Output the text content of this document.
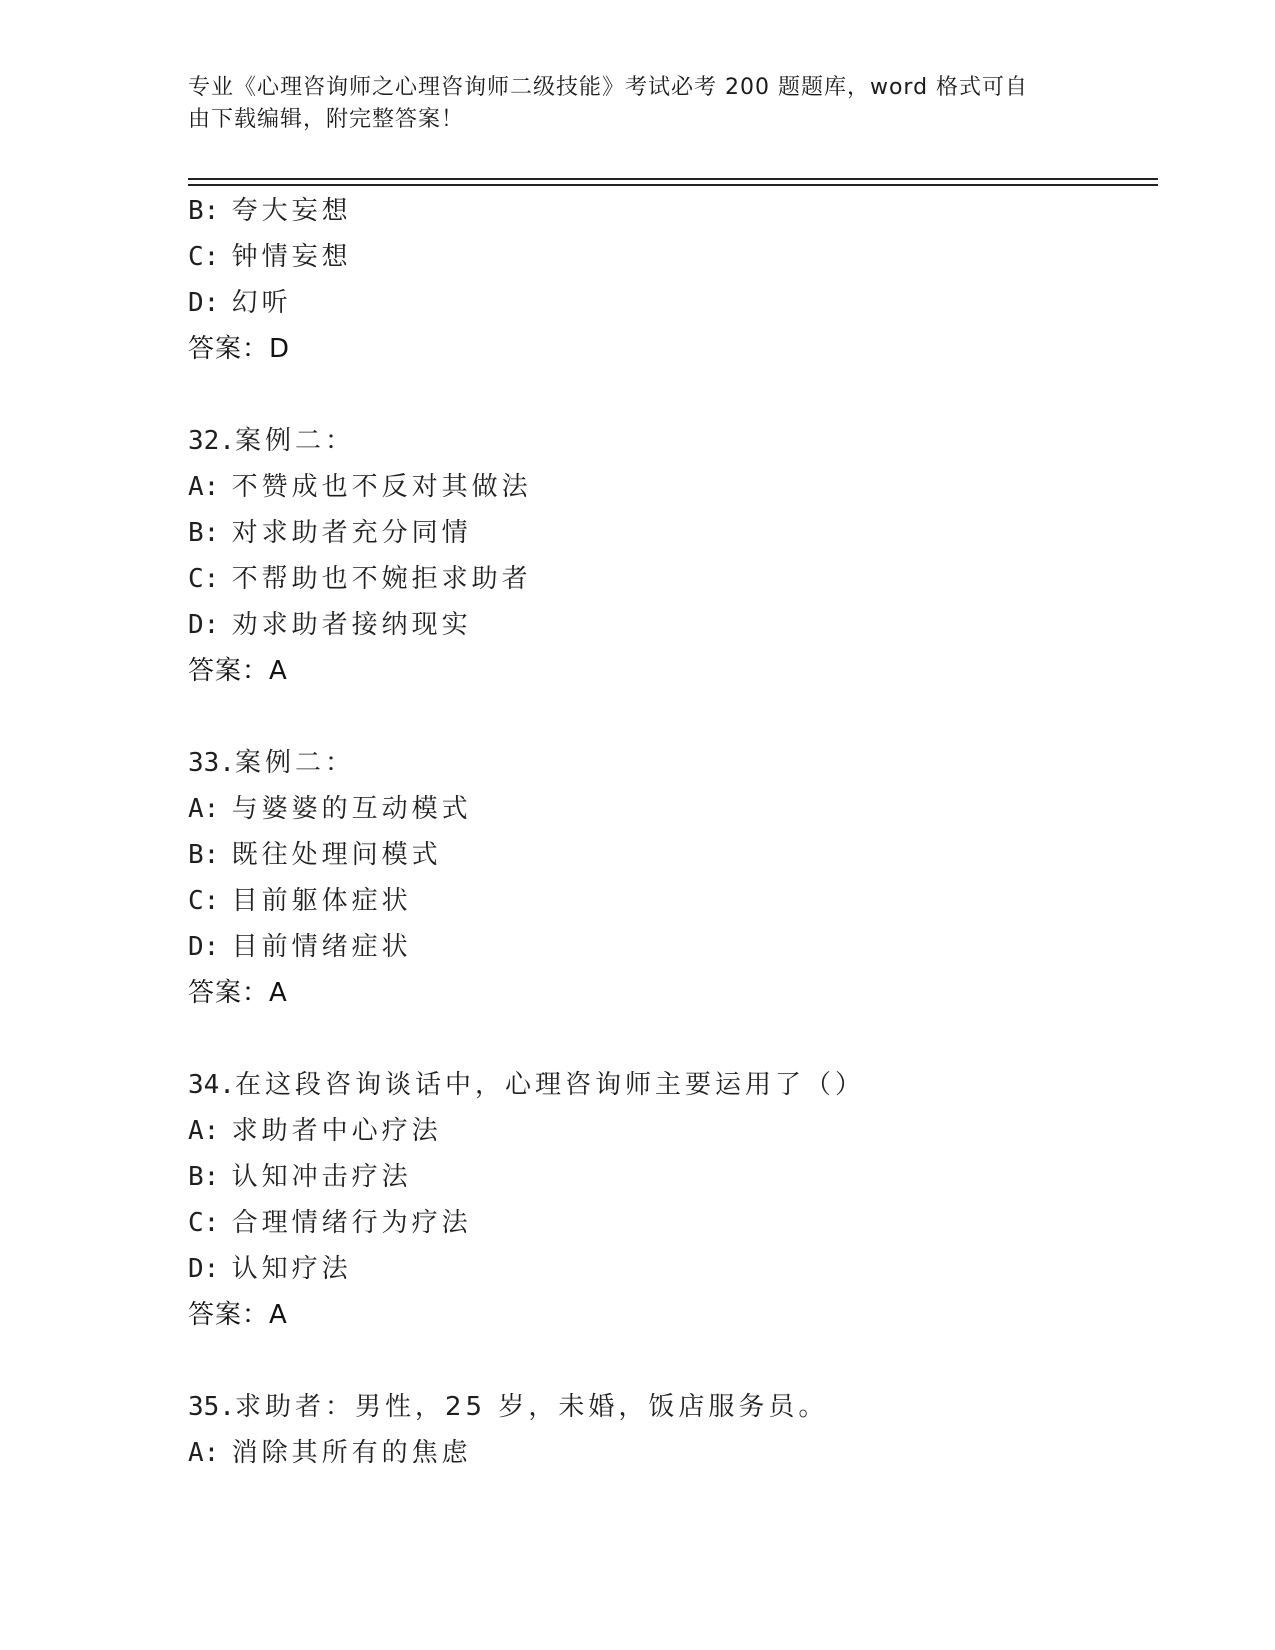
专业《心理咨询师之心理咨询师二级技能》考试必考 200 题题库，word 格式可自
由下载编辑，附完整答案！
B: 夸大妄想
C: 钟情妄想
D: 幻听
答案：D
32.案例二：
A: 不赞成也不反对其做法
B: 对求助者充分同情
C: 不帮助也不婉拒求助者
D: 劝求助者接纳现实
答案：A
33.案例二：
A: 与婆婆的互动模式
B: 既往处理问模式
C: 目前躯体症状
D: 目前情绪症状
答案：A
34.在这段咨询谈话中，心理咨询师主要运用了（）
A: 求助者中心疗法
B: 认知冲击疗法
C: 合理情绪行为疗法
D: 认知疗法
答案：A
35.求助者：男性，25 岁，未婚，饭店服务员。
A: 消除其所有的焦虑
